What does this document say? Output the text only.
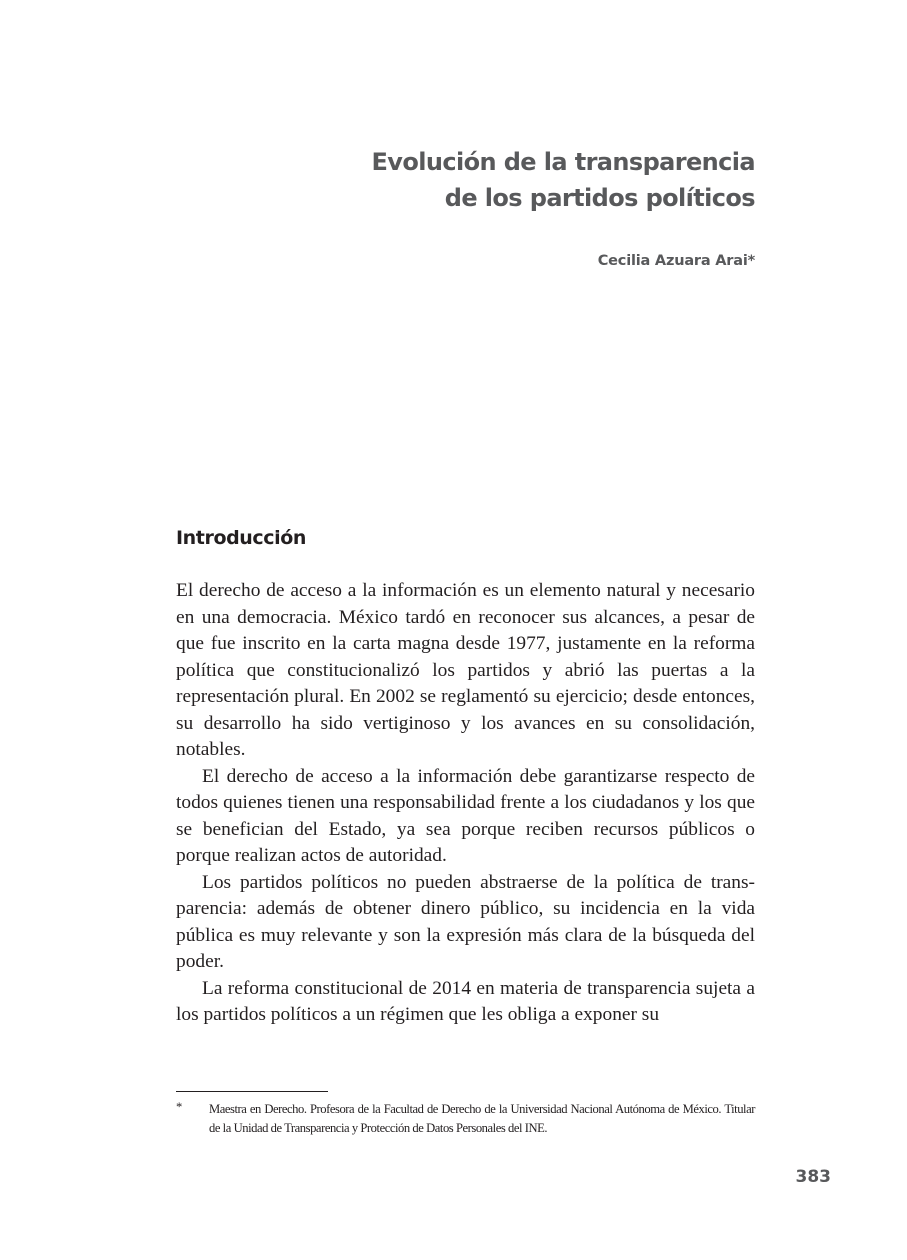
Evolución de la transparencia
de los partidos políticos
Cecilia Azuara Arai*
Introducción

El derecho de acceso a la información es un elemento natural y necesario en una democracia. México tardó en reconocer sus alcances, a pesar de que fue inscrito en la carta magna desde 1977, justamente en la reforma política que constitucionalizó los partidos y abrió las puertas a la representación plural. En 2002 se reglamentó su ejercicio; desde entonces, su desarrollo ha sido vertiginoso y los avances en su consolidación, notables.

El derecho de acceso a la información debe garantizarse respecto de todos quienes tienen una responsabilidad frente a los ciudadanos y los que se benefician del Estado, ya sea porque reciben recursos públicos o porque realizan actos de autoridad.

Los partidos políticos no pueden abstraerse de la política de transparencia: además de obtener dinero público, su incidencia en la vida pública es muy relevante y son la expresión más clara de la búsqueda del poder.

La reforma constitucional de 2014 en materia de transparencia sujeta a los partidos políticos a un régimen que les obliga a exponer su

* Maestra en Derecho. Profesora de la Facultad de Derecho de la Universidad Nacional Autónoma de México. Titular de la Unidad de Transparencia y Protección de Datos Personales del INE.
383
